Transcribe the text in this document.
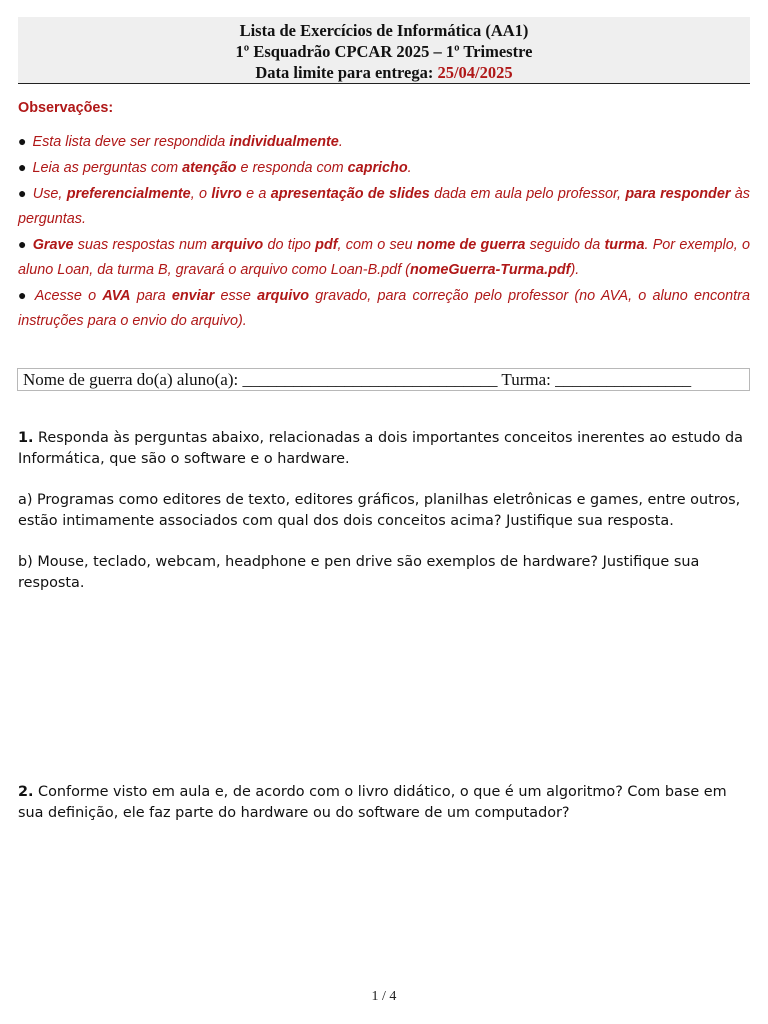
Lista de Exercícios de Informática (AA1)
1º Esquadrão CPCAR 2025 – 1º Trimestre
Data limite para entrega: 25/04/2025
Observações:

● Esta lista deve ser respondida individualmente.

● Leia as perguntas com atenção e responda com capricho.

● Use, preferencialmente, o livro e a apresentação de slides dada em aula pelo professor, para responder às perguntas.

● Grave suas respostas num arquivo do tipo pdf, com o seu nome de guerra seguido da turma. Por exemplo, o aluno Loan, da turma B, gravará o arquivo como Loan-B.pdf (nomeGuerra-Turma.pdf).

● Acesse o AVA para enviar esse arquivo gravado, para correção pelo professor (no AVA, o aluno encontra instruções para o envio do arquivo).

Nome de guerra do(a) aluno(a): ______________________________ Turma: ________________

1. Responda às perguntas abaixo, relacionadas a dois importantes conceitos inerentes ao estudo da Informática, que são o software e o hardware.

a) Programas como editores de texto, editores gráficos, planilhas eletrônicas e games, entre outros, estão intimamente associados com qual dos dois conceitos acima? Justifique sua resposta.

b) Mouse, teclado, webcam, headphone e pen drive são exemplos de hardware? Justifique sua resposta.

2. Conforme visto em aula e, de acordo com o livro didático, o que é um algoritmo? Com base em sua definição, ele faz parte do hardware ou do software de um computador?

1 / 4
